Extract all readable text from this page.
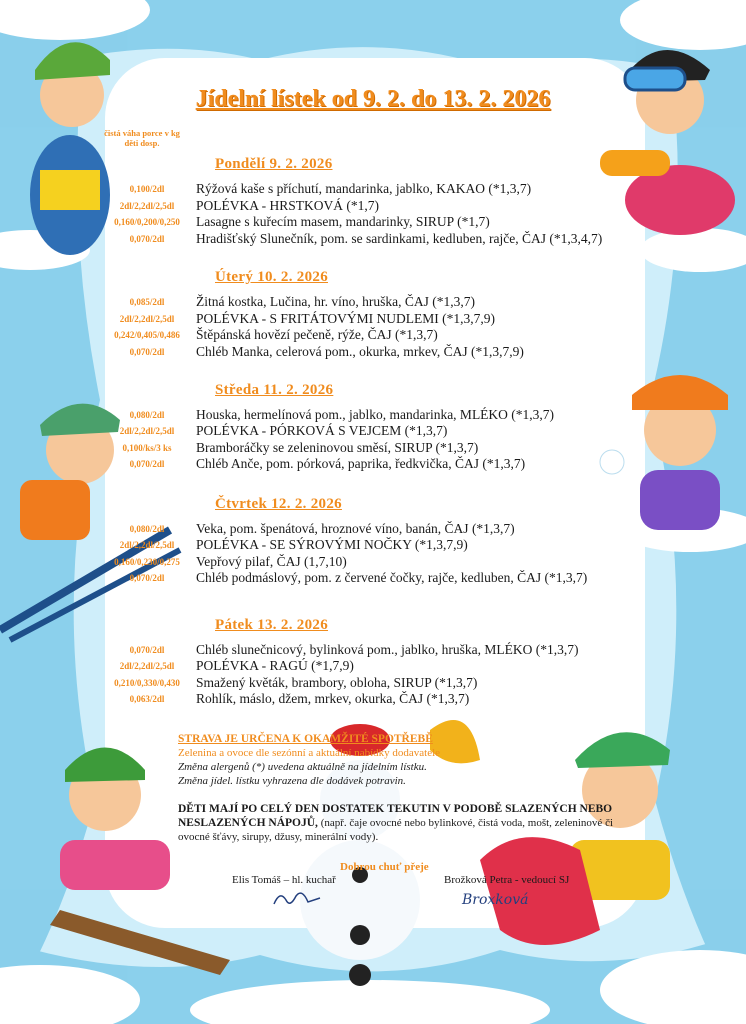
Jídelní lístek od 9. 2. do 13. 2. 2026
čistá váha porce v kg
děti dosp.
Pondělí 9. 2. 2026
0,100/2dl	Rýžová kaše s příchutí, mandarinka, jablko, KAKAO (*1,3,7)
2dl/2,2dl/2,5dl	POLÉVKA - HRSTKOVÁ (*1,7)
0,160/0,200/0,250	Lasagne s kuřecím masem, mandarinky, SIRUP (*1,7)
0,070/2dl	Hradišťský Slunečník, pom. se sardinkami, kedluben, rajče, ČAJ (*1,3,4,7)
Úterý 10. 2. 2026
0,085/2dl	Žitná kostka, Lučina, hr. víno, hruška, ČAJ (*1,3,7)
2dl/2,2dl/2,5dl	POLÉVKA - S FRITÁTOVÝMI NUDLEMI (*1,3,7,9)
0,242/0,405/0,486	Štěpánská hovězí pečeně, rýže, ČAJ (*1,3,7)
0,070/2dl	Chléb Manka, celerová pom., okurka, mrkev, ČAJ (*1,3,7,9)
Středa 11. 2. 2026
0,080/2dl	Houska, hermelínová pom., jablko, mandarinka, MLÉKO (*1,3,7)
2dl/2,2dl/2,5dl	POLÉVKA - PÓRKOVÁ S VEJCEM (*1,3,7)
0,100/ks/3 ks	Bramboráčky se zeleninovou směsí, SIRUP (*1,3,7)
0,070/2dl	Chléb Anče, pom. pórková, paprika, ředkvička, ČAJ (*1,3,7)
Čtvrtek 12. 2. 2026
0,080/2dl	Veka, pom. špenátová, hroznové víno, banán, ČAJ (*1,3,7)
2dl/2,2dl/2,5dl	POLÉVKA - SE SÝROVÝMI NOČKY (*1,3,7,9)
0,160/0,230/0,275	Vepřový pilaf, ČAJ (1,7,10)
0,070/2dl	Chléb podmáslový, pom. z červené čočky, rajče, kedluben, ČAJ (*1,3,7)
Pátek 13. 2. 2026
0,070/2dl	Chléb slunečnicový, bylinková pom., jablko, hruška, MLÉKO (*1,3,7)
2dl/2,2dl/2,5dl	POLÉVKA - RAGÚ (*1,7,9)
0,210/0,330/0,430	Smažený květák, brambory, obloha, SIRUP (*1,3,7)
0,063/2dl	Rohlík, máslo, džem, mrkev, okurka, ČAJ (*1,3,7)
STRAVA JE URČENA K OKAMŽITÉ SPOTŘEBĚ
Zelenina a ovoce dle sezónní a aktuální nabídky dodavatele
Změna alergenů (*) uvedena aktuálně na jídelním lístku.
Změna jídel. lístku vyhrazena dle dodávek potravin.
DĚTI MAJÍ PO CELÝ DEN DOSTATEK TEKUTIN V PODOBĚ SLAZENÝCH NEBO NESLAZENÝCH NÁPOJŮ, (např. čaje ovocné nebo bylinkové, čistá voda, mošt, zeleninové či ovocné šťávy, sirupy, džusy, minerální vody).
Dobrou chuť přeje
Elis Tomáš – hl. kuchař	Brožková Petra - vedoucí SJ
Broxková
